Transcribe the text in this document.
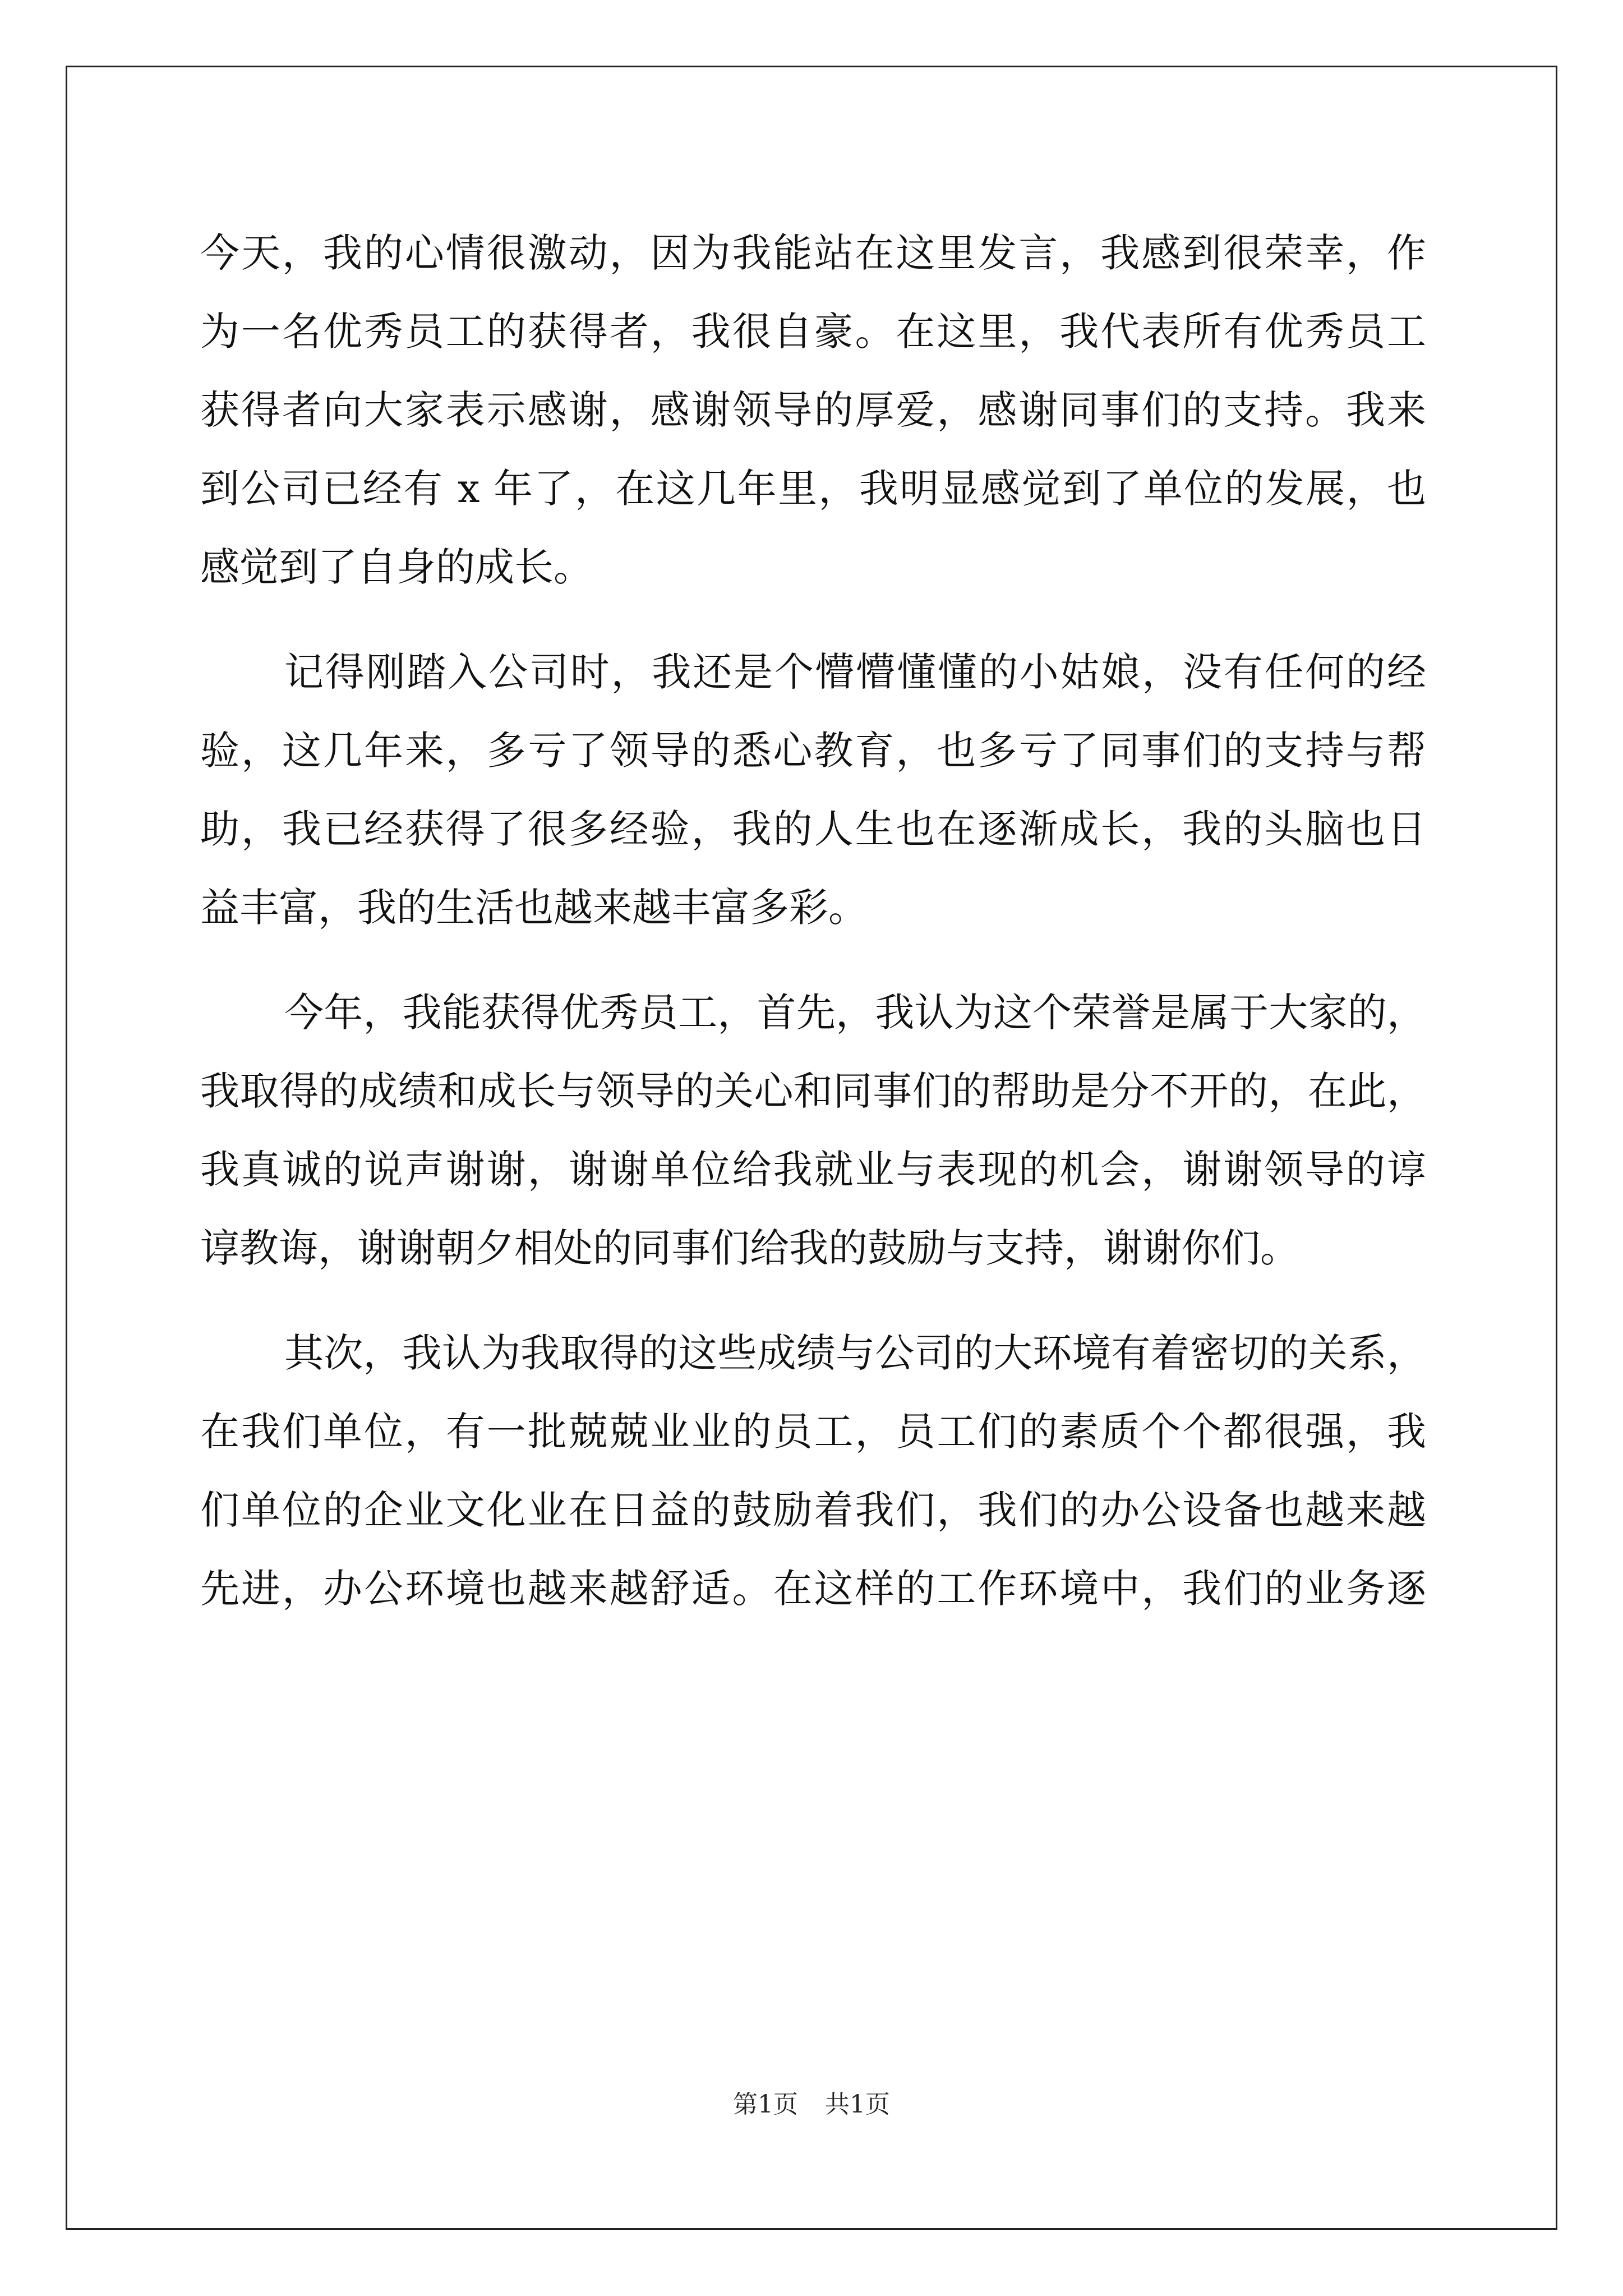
今天，我的心情很激动，因为我能站在这里发言，我感到很荣幸，作
为一名优秀员工的获得者，我很自豪。在这里，我代表所有优秀员工
获得者向大家表示感谢，感谢领导的厚爱，感谢同事们的支持。我来
到公司已经有 x 年了，在这几年里，我明显感觉到了单位的发展，也
感觉到了自身的成长。
记得刚踏入公司时，我还是个懵懵懂懂的小姑娘，没有任何的经
验，这几年来，多亏了领导的悉心教育，也多亏了同事们的支持与帮
助，我已经获得了很多经验，我的人生也在逐渐成长，我的头脑也日
益丰富，我的生活也越来越丰富多彩。
今年，我能获得优秀员工，首先，我认为这个荣誉是属于大家的，
我取得的成绩和成长与领导的关心和同事们的帮助是分不开的，在此，
我真诚的说声谢谢，谢谢单位给我就业与表现的机会，谢谢领导的谆
谆教诲，谢谢朝夕相处的同事们给我的鼓励与支持，谢谢你们。
其次，我认为我取得的这些成绩与公司的大环境有着密切的关系，
在我们单位，有一批兢兢业业的员工，员工们的素质个个都很强，我
们单位的企业文化业在日益的鼓励着我们，我们的办公设备也越来越
先进，办公环境也越来越舒适。在这样的工作环境中，我们的业务逐
第1页 共1页
